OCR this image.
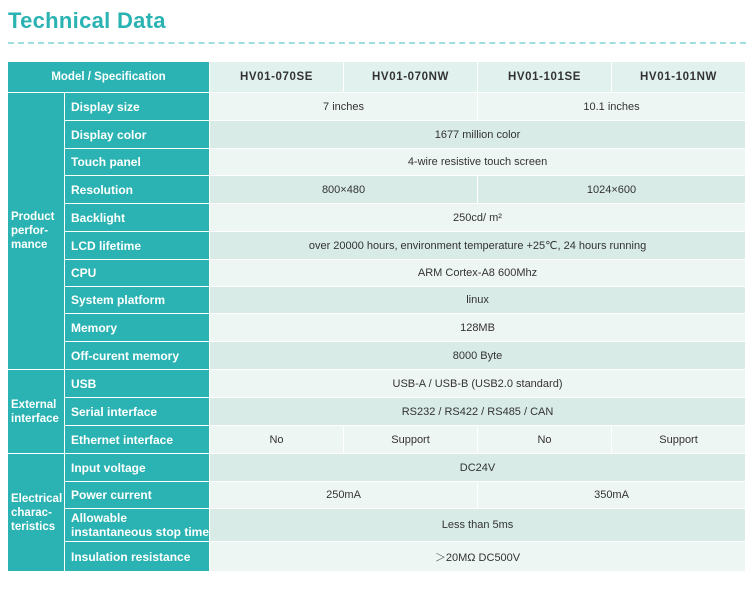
Technical Data
Model / Specification		HV01-070SE	HV01-070NW	HV01-101SE	HV01-101NW
Product perfor-mance	Display size	7 inches		10.1 inches	
	Display color	1677 million color			
	Touch panel	4-wire resistive touch screen			
	Resolution	800×480		1024×600	
	Backlight	250cd/ m²			
	LCD lifetime	over 20000 hours, environment temperature +25℃, 24 hours running			
	CPU	ARM Cortex-A8 600Mhz			
	System platform	linux			
	Memory	128MB			
	Off-curent memory	8000 Byte			
External interface	USB	USB-A / USB-B (USB2.0 standard)			
	Serial interface	RS232 / RS422 / RS485 / CAN			
	Ethernet interface	No	Support	No	Support
Electrical charac-teristics	Input voltage	DC24V			
	Power current	250mA		350mA	
	Allowable instantaneous stop time	Less than 5ms			
	Insulation resistance	＞20MΩ DC500V			
